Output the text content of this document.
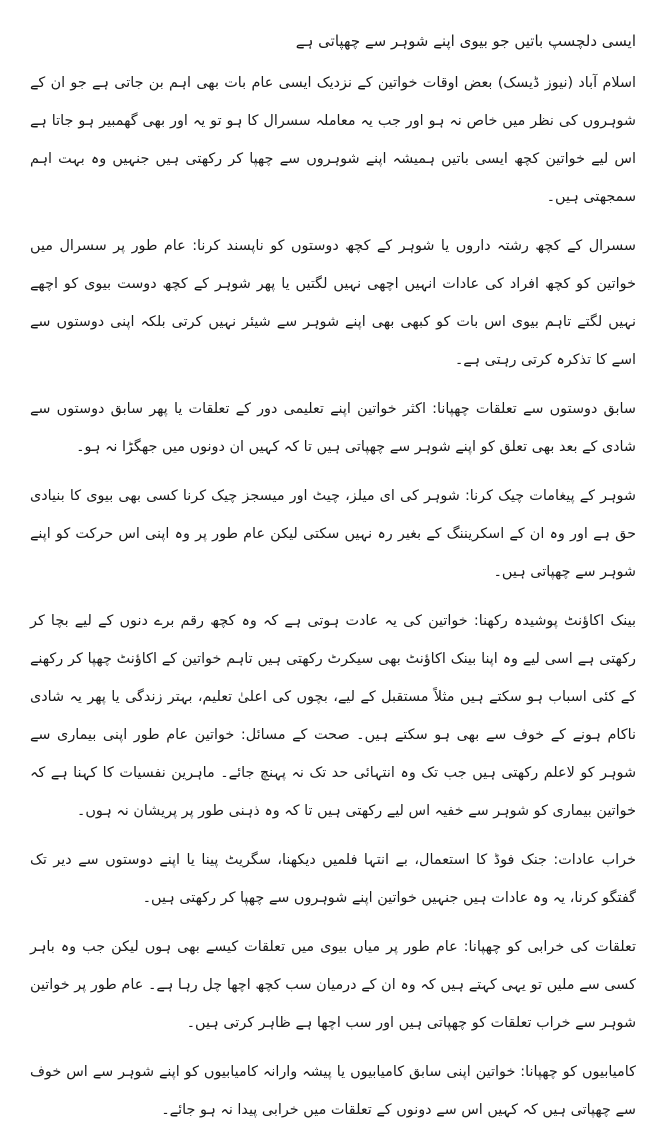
ایسی دلچسپ باتیں جو بیوی اپنے شوہر سے چھپاتی ہے

اسلام آباد (نیوز ڈیسک) بعض اوقات خواتین کے نزدیک ایسی عام بات بھی اہم بن جاتی ہے جو ان کے شوہروں کی نظر میں خاص نہ ہو اور جب یہ معاملہ سسرال کا ہو تو یہ اور بھی گھمبیر ہو جاتا ہے اس لیے خواتین کچھ ایسی باتیں ہمیشہ اپنے شوہروں سے چھپا کر رکھتی ہیں جنہیں وہ بہت اہم سمجھتی ہیں۔

سسرال کے کچھ رشتہ داروں یا شوہر کے کچھ دوستوں کو ناپسند کرنا: عام طور پر سسرال میں خواتین کو کچھ افراد کی عادات انہیں اچھی نہیں لگتیں یا پھر شوہر کے کچھ دوست بیوی کو اچھے نہیں لگتے تاہم بیوی اس بات کو کبھی بھی اپنے شوہر سے شیئر نہیں کرتی بلکہ اپنی دوستوں سے اسے کا تذکرہ کرتی رہتی ہے۔

سابق دوستوں سے تعلقات چھپانا: اکثر خواتین اپنے تعلیمی دور کے تعلقات یا پھر سابق دوستوں سے شادی کے بعد بھی تعلق کو اپنے شوہر سے چھپاتی ہیں تا کہ کہیں ان دونوں میں جھگڑا نہ ہو۔

شوہر کے پیغامات چیک کرنا: شوہر کی ای میلز، چیٹ اور میسجز چیک کرنا کسی بھی بیوی کا بنیادی حق ہے اور وہ ان کے اسکریننگ کے بغیر رہ نہیں سکتی لیکن عام طور پر وہ اپنی اس حرکت کو اپنے شوہر سے چھپاتی ہیں۔

بینک اکاؤنٹ پوشیدہ رکھنا: خواتین کی یہ عادت ہوتی ہے کہ وہ کچھ رقم برے دنوں کے لیے بچا کر رکھتی ہے اسی لیے وہ اپنا بینک اکاؤنٹ بھی سیکرٹ رکھتی ہیں تاہم خواتین کے اکاؤنٹ چھپا کر رکھنے کے کئی اسباب ہو سکتے ہیں مثلاً مستقبل کے لیے، بچوں کی اعلیٰ تعلیم، بہتر زندگی یا پھر یہ شادی ناکام ہونے کے خوف سے بھی ہو سکتے ہیں۔ صحت کے مسائل: خواتین عام طور اپنی بیماری سے شوہر کو لاعلم رکھتی ہیں جب تک وہ انتہائی حد تک نہ پہنچ جائے۔ ماہرین نفسیات کا کہنا ہے کہ خواتین بیماری کو شوہر سے خفیہ اس لیے رکھتی ہیں تا کہ وہ ذہنی طور پر پریشان نہ ہوں۔

خراب عادات: جنک فوڈ کا استعمال، بے انتہا فلمیں دیکھنا، سگریٹ پینا یا اپنے دوستوں سے دیر تک گفتگو کرنا، یہ وہ عادات ہیں جنہیں خواتین اپنے شوہروں سے چھپا کر رکھتی ہیں۔

تعلقات کی خرابی کو چھپانا: عام طور پر میاں بیوی میں تعلقات کیسے بھی ہوں لیکن جب وہ باہر کسی سے ملیں تو یہی کہتے ہیں کہ وہ ان کے درمیان سب کچھ اچھا چل رہا ہے۔ عام طور پر خواتین شوہر سے خراب تعلقات کو چھپاتی ہیں اور سب اچھا ہے ظاہر کرتی ہیں۔

کامیابیوں کو چھپانا: خواتین اپنی سابق کامیابیوں یا پیشہ وارانہ کامیابیوں کو اپنے شوہر سے اس خوف سے چھپاتی ہیں کہ کہیں اس سے دونوں کے تعلقات میں خرابی پیدا نہ ہو جائے۔
